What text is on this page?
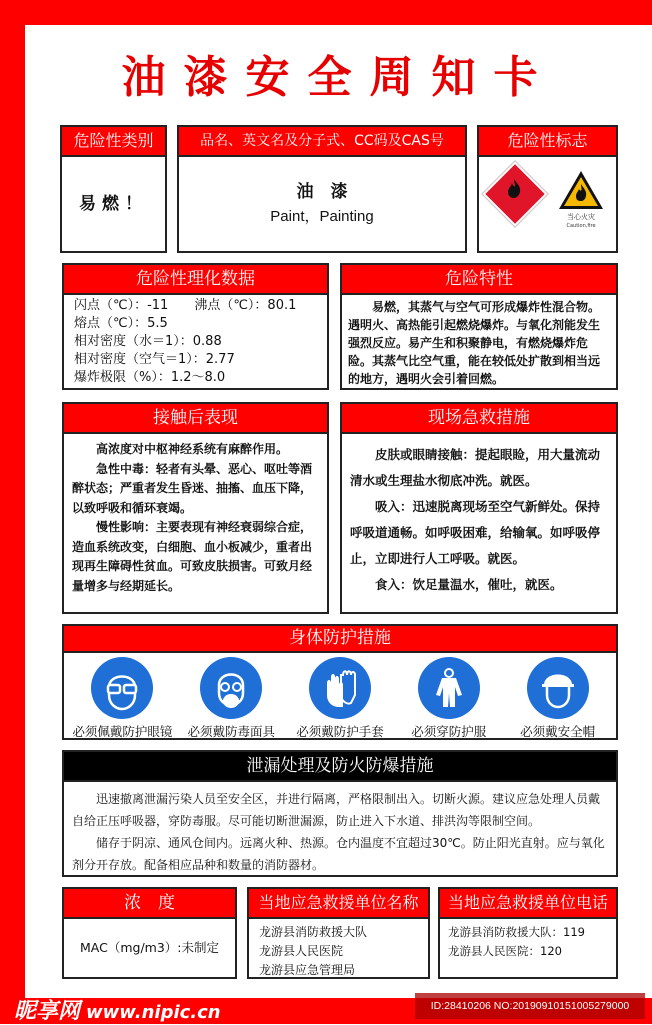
油漆安全周知卡
危险性类别
易燃！
品名、英文名及分子式、CC码及CAS号
油　漆
Paint，Painting
危险性标志
当心火灾
Caution,fire
危险性理化数据
闪点（℃）：-11　　沸点（℃）：80.1
熔点（℃）：5.5
相对密度（水＝1）：0.88
相对密度（空气＝1）：2.77
爆炸极限（%）：1.2～8.0
危险特性
易燃，其蒸气与空气可形成爆炸性混合物。遇明火、高热能引起燃烧爆炸。与氧化剂能发生强烈反应。易产生和积聚静电，有燃烧爆炸危险。其蒸气比空气重，能在较低处扩散到相当远的地方，遇明火会引着回燃。
接触后表现
高浓度对中枢神经系统有麻醉作用。
急性中毒：轻者有头晕、恶心、呕吐等酒醉状态；严重者发生昏迷、抽搐、血压下降，以致呼吸和循环衰竭。
慢性影响：主要表现有神经衰弱综合症，造血系统改变，白细胞、血小板减少，重者出现再生障碍性贫血。可致皮肤损害。可致月经量增多与经期延长。
现场急救措施
皮肤或眼睛接触：提起眼睑，用大量流动清水或生理盐水彻底冲洗。就医。
吸入：迅速脱离现场至空气新鲜处。保持呼吸道通畅。如呼吸困难，给输氧。如呼吸停止，立即进行人工呼吸。就医。
食入：饮足量温水，催吐，就医。
身体防护措施
必须佩戴防护眼镜 必须戴防毒面具 必须戴防护手套 必须穿防护服	必须戴安全帽
泄漏处理及防火防爆措施
迅速撤离泄漏污染人员至安全区，并进行隔离，严格限制出入。切断火源。建议应急处理人员戴自给正压呼吸器，穿防毒服。尽可能切断泄漏源，防止进入下水道、排洪沟等限制空间。
储存于阴凉、通风仓间内。远离火种、热源。仓内温度不宜超过30℃。防止阳光直射。应与氧化剂分开存放。配备相应品种和数量的消防器材。
浓　度
MAC（mg/m3）:未制定
当地应急救援单位名称
龙游县消防救援大队
龙游县人民医院
龙游县应急管理局
当地应急救援单位电话
龙游县消防救援大队：119
龙游县人民医院：120
昵享网 www.nipic.cn	ID:28410206 NO:20190910151005279000
